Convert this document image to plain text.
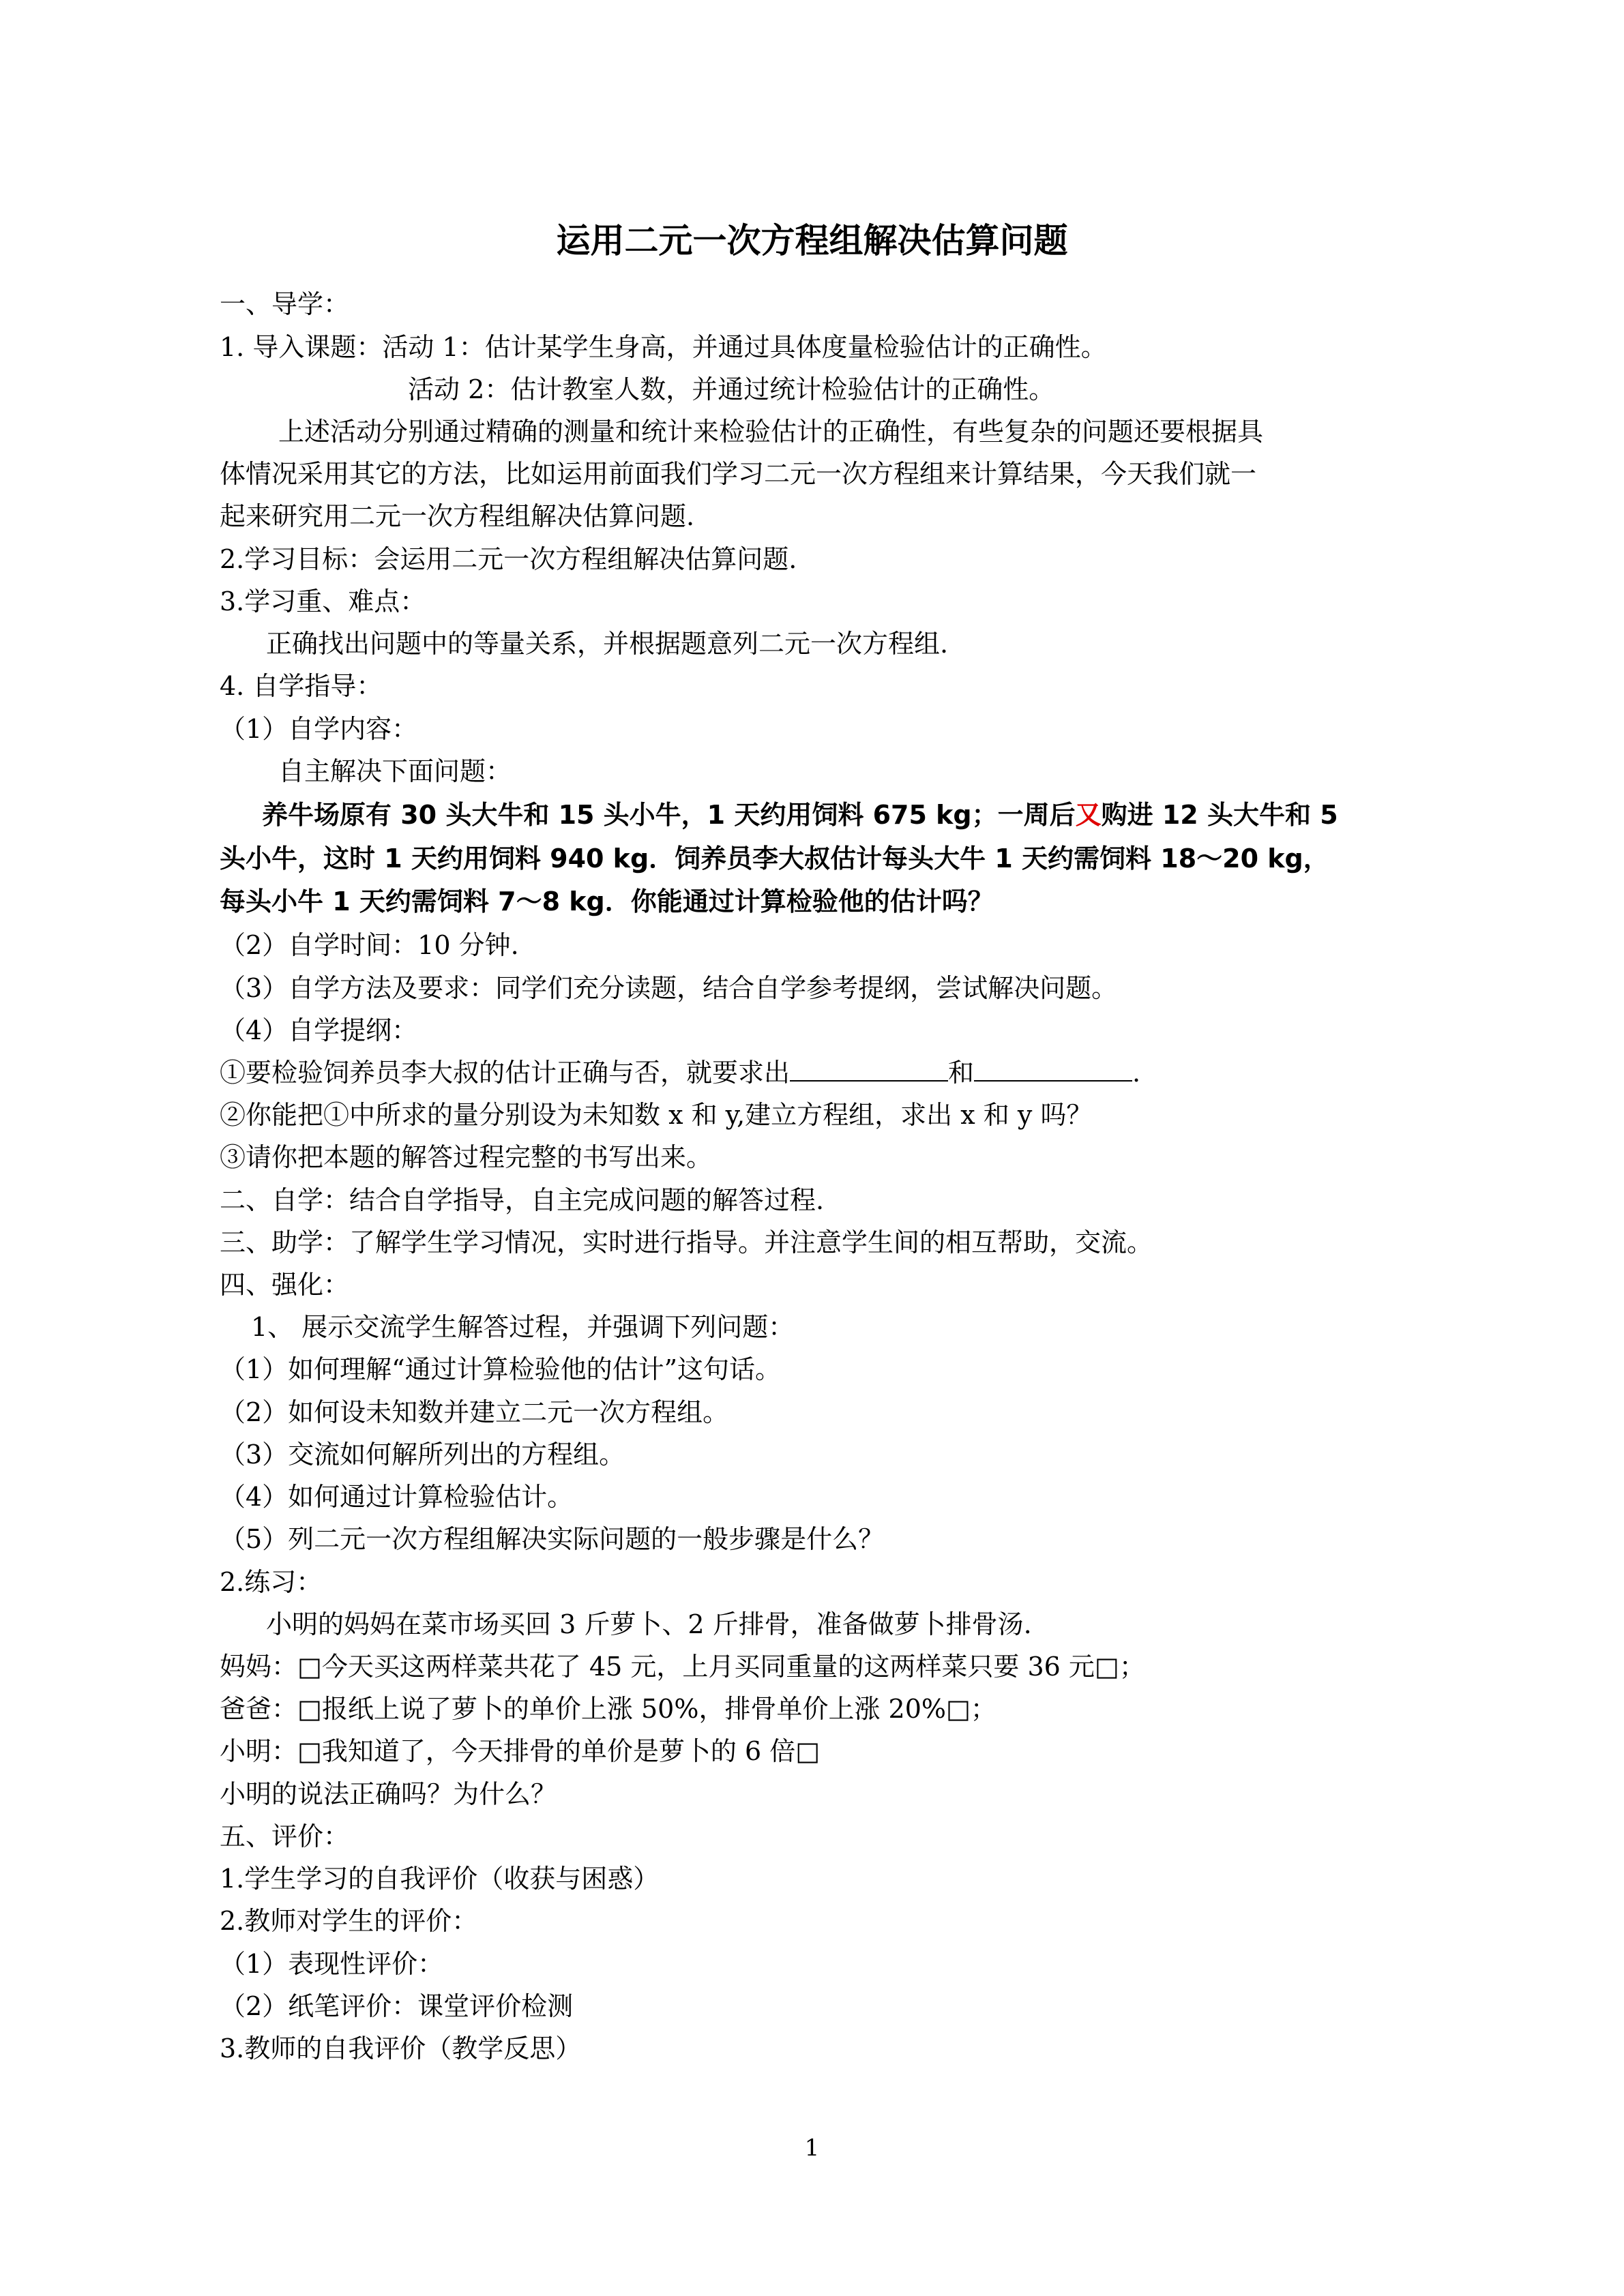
运用二元一次方程组解决估算问题
一、导学：
1. 导入课题：活动 1：估计某学生身高，并通过具体度量检验估计的正确性。
活动 2：估计教室人数，并通过统计检验估计的正确性。
上述活动分别通过精确的测量和统计来检验估计的正确性，有些复杂的问题还要根据具
体情况采用其它的方法，比如运用前面我们学习二元一次方程组来计算结果，今天我们就一
起来研究用二元一次方程组解决估算问题.
2.学习目标：会运用二元一次方程组解决估算问题.
3.学习重、难点：
正确找出问题中的等量关系，并根据题意列二元一次方程组.
4. 自学指导：
（1）自学内容：
自主解决下面问题：
养牛场原有 30 头大牛和 15 头小牛，1 天约用饲料 675 kg；一周后又购进 12 头大牛和 5
头小牛，这时 1 天约用饲料 940 kg．饲养员李大叔估计每头大牛 1 天约需饲料 18～20 kg，
每头小牛 1 天约需饲料 7～8 kg．你能通过计算检验他的估计吗？
（2）自学时间：10 分钟.
（3）自学方法及要求：同学们充分读题，结合自学参考提纲，尝试解决问题。
（4）自学提纲：
①要检验饲养员李大叔的估计正确与否，就要求出	和	.
②你能把①中所求的量分别设为未知数 x 和 y,建立方程组，求出 x 和 y 吗？
③请你把本题的解答过程完整的书写出来。
二、自学：结合自学指导，自主完成问题的解答过程.
三、助学：了解学生学习情况，实时进行指导。并注意学生间的相互帮助，交流。
四、强化：
1、 展示交流学生解答过程，并强调下列问题：
（1）如何理解“通过计算检验他的估计”这句话。
（2）如何设未知数并建立二元一次方程组。
（3）交流如何解所列出的方程组。
（4）如何通过计算检验估计。
（5）列二元一次方程组解决实际问题的一般步骤是什么？
2.练习：
小明的妈妈在菜市场买回 3 斤萝卜、2 斤排骨，准备做萝卜排骨汤.
妈妈：□今天买这两样菜共花了 45 元，上月买同重量的这两样菜只要 36 元□；
爸爸：□报纸上说了萝卜的单价上涨 50%，排骨单价上涨 20%□；
小明：□我知道了，今天排骨的单价是萝卜的 6 倍□
小明的说法正确吗？为什么？
五、评价：
1.学生学习的自我评价（收获与困惑）
2.教师对学生的评价：
（1）表现性评价：
（2）纸笔评价：课堂评价检测
3.教师的自我评价（教学反思）
1
